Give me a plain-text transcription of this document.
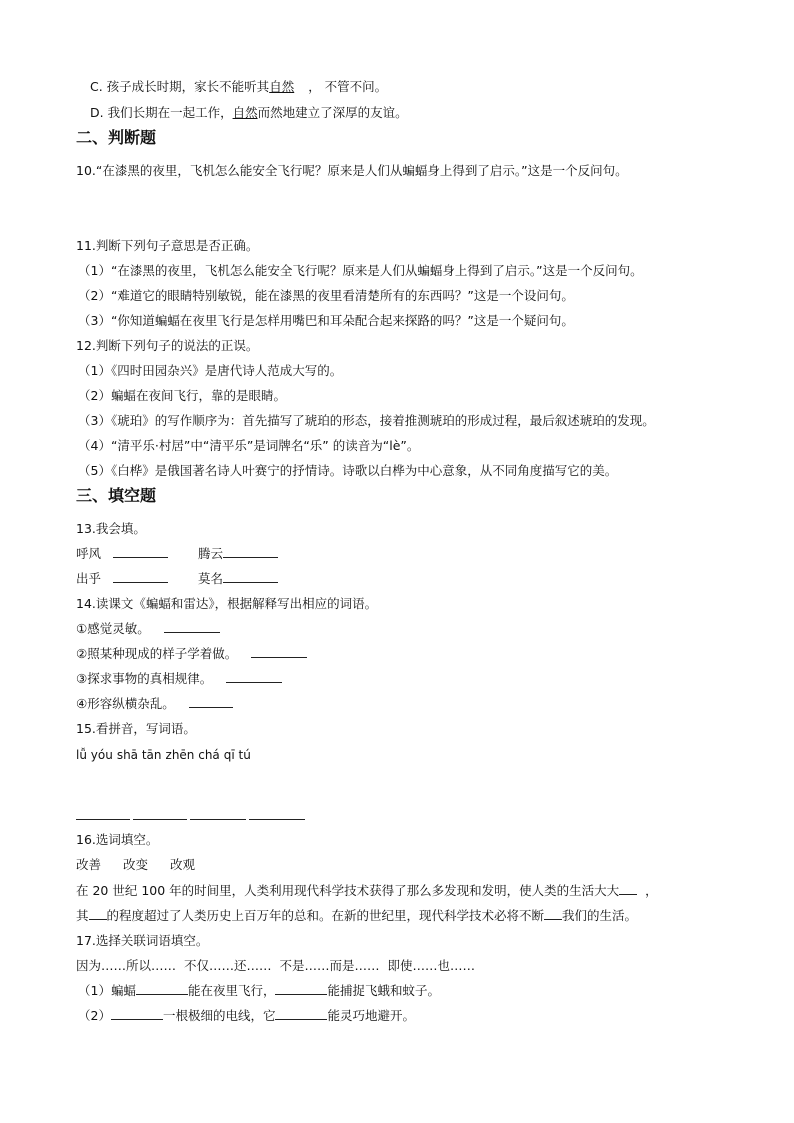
C. 孩子成长时期，家长不能听其自然 ， 不管不问。
D. 我们长期在一起工作，自然而然地建立了深厚的友谊。
二、判断题
10.“在漆黑的夜里，飞机怎么能安全飞行呢？原来是人们从蝙蝠身上得到了启示。”这是一个反问句。
11.判断下列句子意思是否正确。
（1）“在漆黑的夜里，飞机怎么能安全飞行呢？原来是人们从蝙蝠身上得到了启示。”这是一个反问句。
（2）“难道它的眼睛特别敏锐，能在漆黑的夜里看清楚所有的东西吗？”这是一个设问句。
（3）“你知道蝙蝠在夜里飞行是怎样用嘴巴和耳朵配合起来探路的吗？”这是一个疑问句。
12.判断下列句子的说法的正误。
（1）《四时田园杂兴》是唐代诗人范成大写的。
（2）蝙蝠在夜间飞行，靠的是眼睛。
（3）《琥珀》的写作顺序为：首先描写了琥珀的形态，接着推测琥珀的形成过程，最后叙述琥珀的发现。
（4）“清平乐·村居”中“清平乐”是词牌名“乐” 的读音为“lè”。
（5）《白桦》是俄国著名诗人叶赛宁的抒情诗。诗歌以白桦为中心意象，从不同角度描写它的美。
三、填空题
13.我会填。
呼风	腾云
出乎	莫名
14.读课文《蝙蝠和雷达》，根据解释写出相应的词语。
①感觉灵敏。
②照某种现成的样子学着做。
③探求事物的真相规律。
④形容纵横杂乱。
15.看拼音，写词语。
lǚ yóu shā tān zhēn chá qī tú
16.选词填空。
改善 改变 改观
在 20 世纪 100 年的时间里，人类利用现代科学技术获得了那么多发现和发明，使人类的生活大大 ，
其 的程度超过了人类历史上百万年的总和。在新的世纪里，现代科学技术必将不断 我们的生活。
17.选择关联词语填空。
因为……所以…… 不仅……还…… 不是……而是…… 即使……也……
（1）蝙蝠	能在夜里飞行，	能捕捉飞蛾和蚊子。
（2）	一根极细的电线，它	能灵巧地避开。
